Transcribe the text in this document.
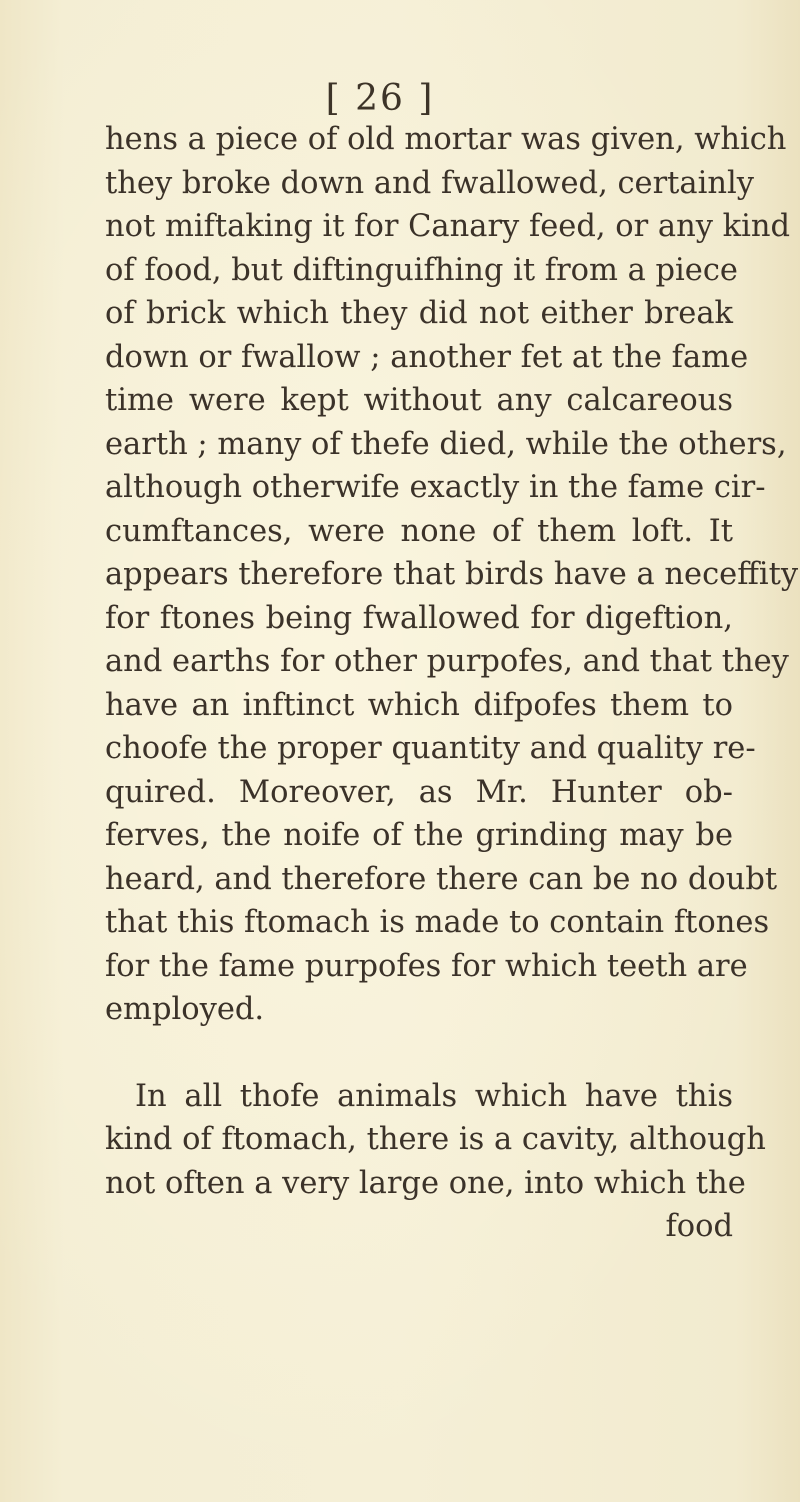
[ 26 ]
hens a piece of old mortar was given, which
they broke down and fwallowed, certainly
not miftaking it for Canary feed, or any kind
of food, but diftinguifhing it from a piece
of brick which they did not either break
down or fwallow ; another fet at the fame
time were kept without any calcareous
earth ; many of thefe died, while the others,
although otherwife exactly in the fame cir-
cumftances, were none of them loft. It
appears therefore that birds have a neceffity
for ftones being fwallowed for digeftion,
and earths for other purpofes, and that they
have an inftinct which difpofes them to
choofe the proper quantity and quality re-
quired. Moreover, as Mr. Hunter ob-
ferves, the noife of the grinding may be
heard, and therefore there can be no doubt
that this ftomach is made to contain ftones
for the fame purpofes for which teeth are
employed.
In all thofe animals which have this
kind of ftomach, there is a cavity, although
not often a very large one, into which the
food
